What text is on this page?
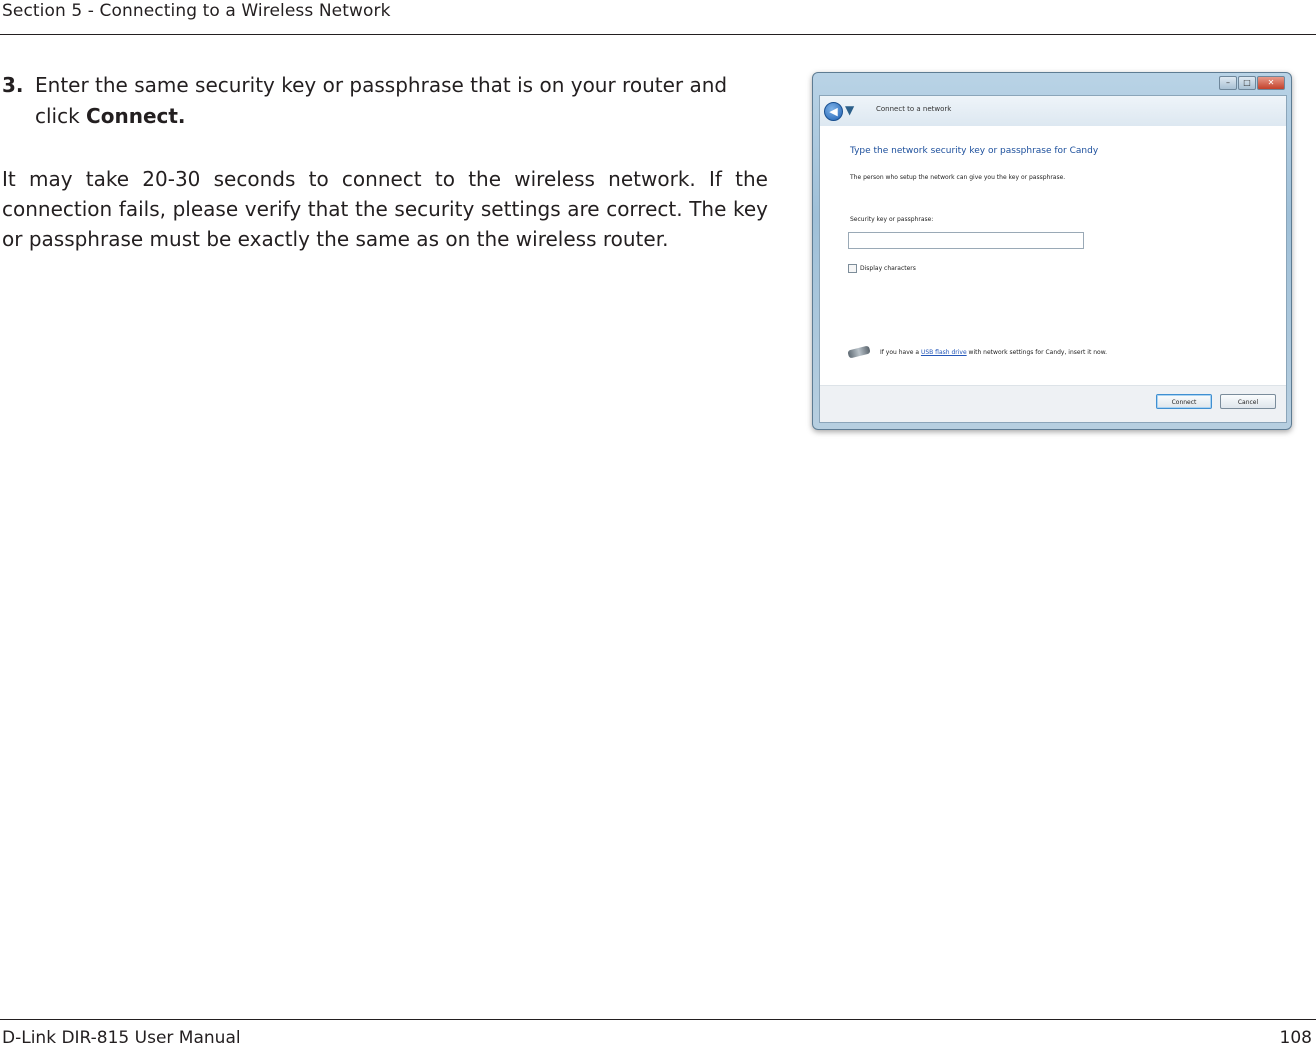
Section 5 - Connecting to a Wireless Network
3. Enter the same security key or passphrase that is on your router and click Connect.
It may take 20-30 seconds to connect to the wireless network. If the connection fails, please verify that the security settings are correct. The key or passphrase must be exactly the same as on the wireless router.
–	□	✕
◀ ▼	Connect to a network
Type the network security key or passphrase for Candy
The person who setup the network can give you the key or passphrase.
Security key or passphrase:
Display characters
If you have a USB flash drive with network settings for Candy, insert it now.
Connect	Cancel
D-Link DIR-815 User Manual	108
